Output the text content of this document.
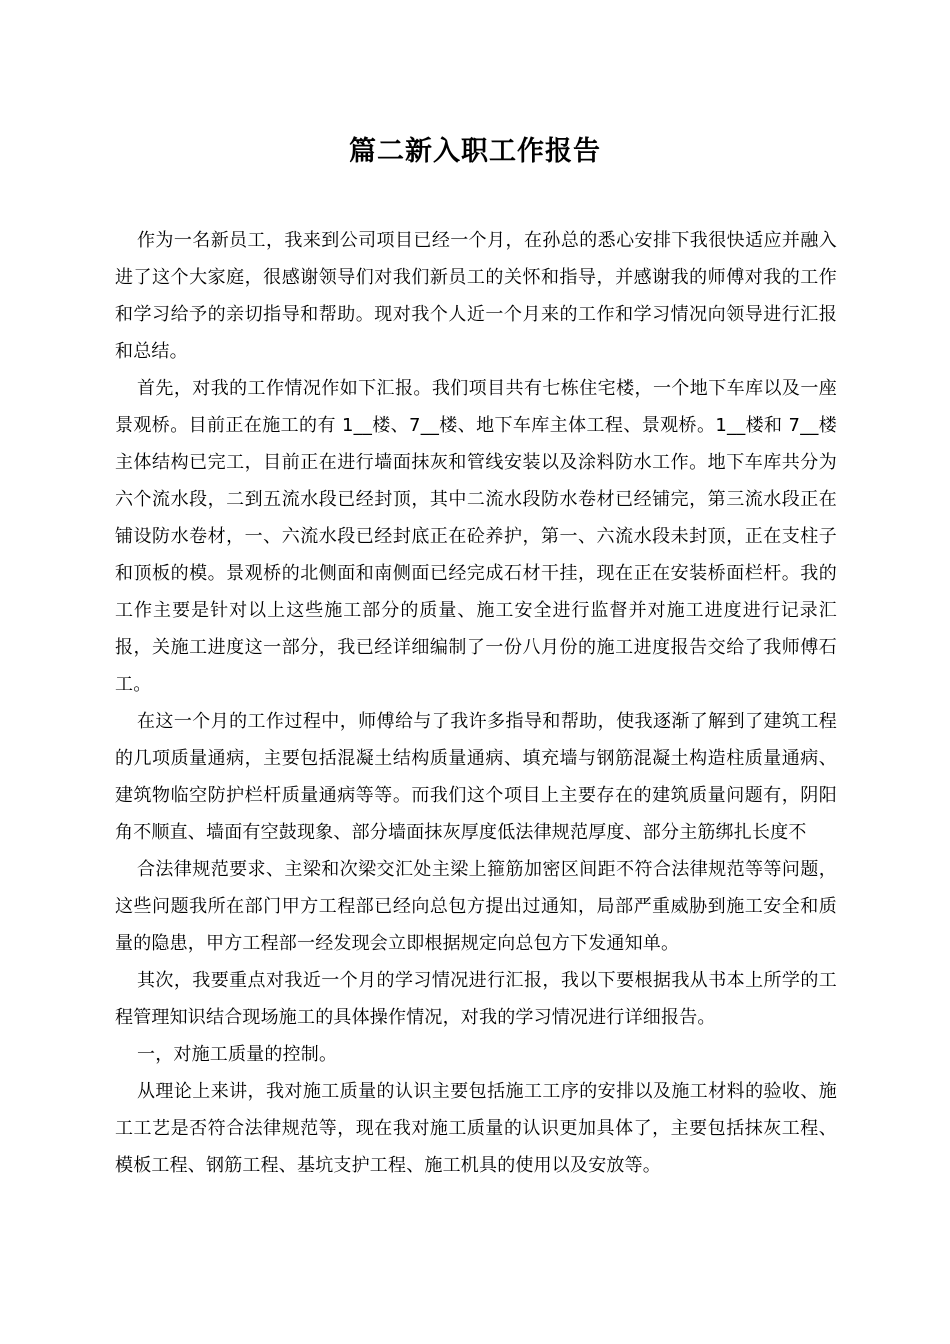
篇二新入职工作报告

作为一名新员工，我来到公司项目已经一个月，在孙总的悉心安排下我很快适应并融入进了这个大家庭，很感谢领导们对我们新员工的关怀和指导，并感谢我的师傅对我的工作和学习给予的亲切指导和帮助。现对我个人近一个月来的工作和学习情况向领导进行汇报和总结。

首先，对我的工作情况作如下汇报。我们项目共有七栋住宅楼，一个地下车库以及一座景观桥。目前正在施工的有 1__楼、7__楼、地下车库主体工程、景观桥。1__楼和 7__楼主体结构已完工，目前正在进行墙面抹灰和管线安装以及涂料防水工作。地下车库共分为六个流水段，二到五流水段已经封顶，其中二流水段防水卷材已经铺完，第三流水段正在铺设防水卷材，一、六流水段已经封底正在砼养护，第一、六流水段未封顶，正在支柱子和顶板的模。景观桥的北侧面和南侧面已经完成石材干挂，现在正在安装桥面栏杆。我的工作主要是针对以上这些施工部分的质量、施工安全进行监督并对施工进度进行记录汇报，关施工进度这一部分，我已经详细编制了一份八月份的施工进度报告交给了我师傅石工。

在这一个月的工作过程中，师傅给与了我许多指导和帮助，使我逐渐了解到了建筑工程的几项质量通病，主要包括混凝土结构质量通病、填充墙与钢筋混凝土构造柱质量通病、建筑物临空防护栏杆质量通病等等。而我们这个项目上主要存在的建筑质量问题有，阴阳角不顺直、墙面有空鼓现象、部分墙面抹灰厚度低法律规范厚度、部分主筋绑扎长度不

合法律规范要求、主梁和次梁交汇处主梁上箍筋加密区间距不符合法律规范等等问题，这些问题我所在部门甲方工程部已经向总包方提出过通知，局部严重威胁到施工安全和质量的隐患，甲方工程部一经发现会立即根据规定向总包方下发通知单。

其次，我要重点对我近一个月的学习情况进行汇报，我以下要根据我从书本上所学的工程管理知识结合现场施工的具体操作情况，对我的学习情况进行详细报告。

一，对施工质量的控制。

从理论上来讲，我对施工质量的认识主要包括施工工序的安排以及施工材料的验收、施工工艺是否符合法律规范等，现在我对施工质量的认识更加具体了，主要包括抹灰工程、模板工程、钢筋工程、基坑支护工程、施工机具的使用以及安放等。
